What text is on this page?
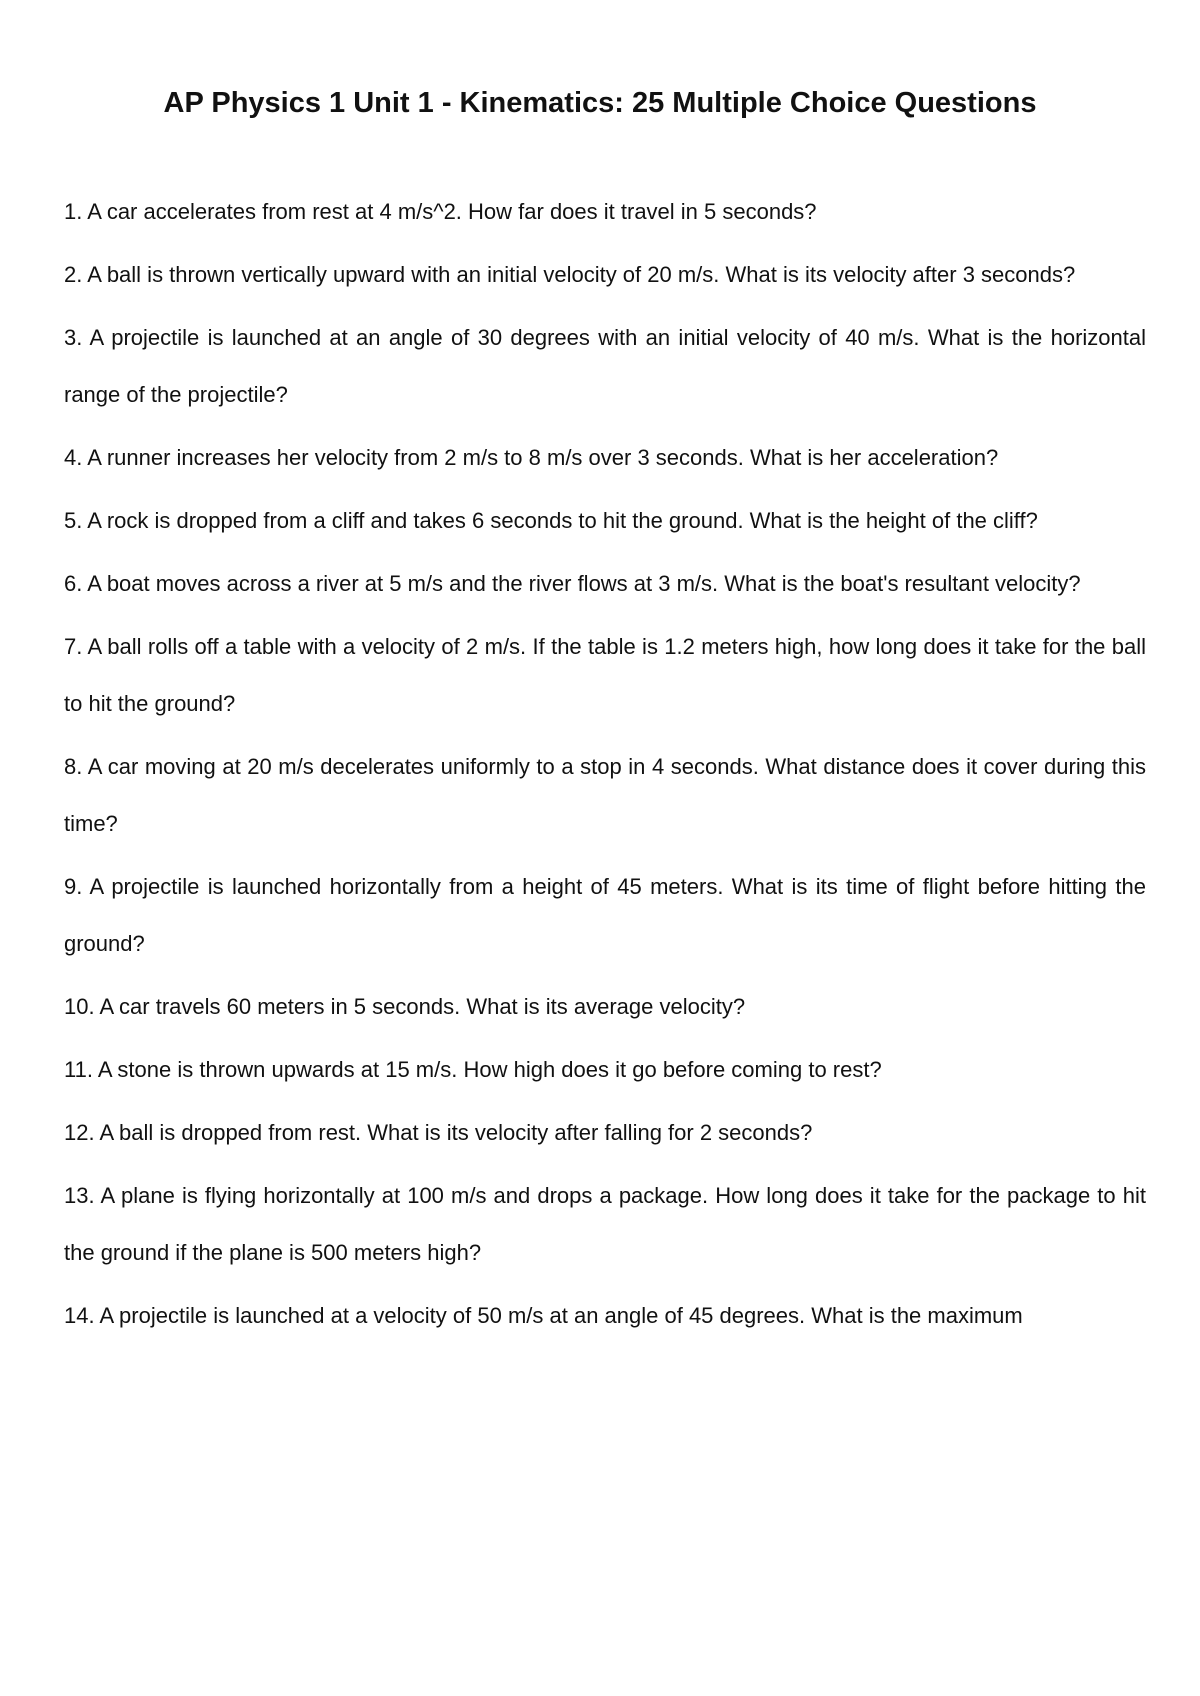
AP Physics 1 Unit 1 - Kinematics: 25 Multiple Choice Questions
1. A car accelerates from rest at 4 m/s^2. How far does it travel in 5 seconds?
2. A ball is thrown vertically upward with an initial velocity of 20 m/s. What is its velocity after 3 seconds?
3. A projectile is launched at an angle of 30 degrees with an initial velocity of 40 m/s. What is the horizontal range of the projectile?
4. A runner increases her velocity from 2 m/s to 8 m/s over 3 seconds. What is her acceleration?
5. A rock is dropped from a cliff and takes 6 seconds to hit the ground. What is the height of the cliff?
6. A boat moves across a river at 5 m/s and the river flows at 3 m/s. What is the boat's resultant velocity?
7. A ball rolls off a table with a velocity of 2 m/s. If the table is 1.2 meters high, how long does it take for the ball to hit the ground?
8. A car moving at 20 m/s decelerates uniformly to a stop in 4 seconds. What distance does it cover during this time?
9. A projectile is launched horizontally from a height of 45 meters. What is its time of flight before hitting the ground?
10. A car travels 60 meters in 5 seconds. What is its average velocity?
11. A stone is thrown upwards at 15 m/s. How high does it go before coming to rest?
12. A ball is dropped from rest. What is its velocity after falling for 2 seconds?
13. A plane is flying horizontally at 100 m/s and drops a package. How long does it take for the package to hit the ground if the plane is 500 meters high?
14. A projectile is launched at a velocity of 50 m/s at an angle of 45 degrees. What is the maximum
